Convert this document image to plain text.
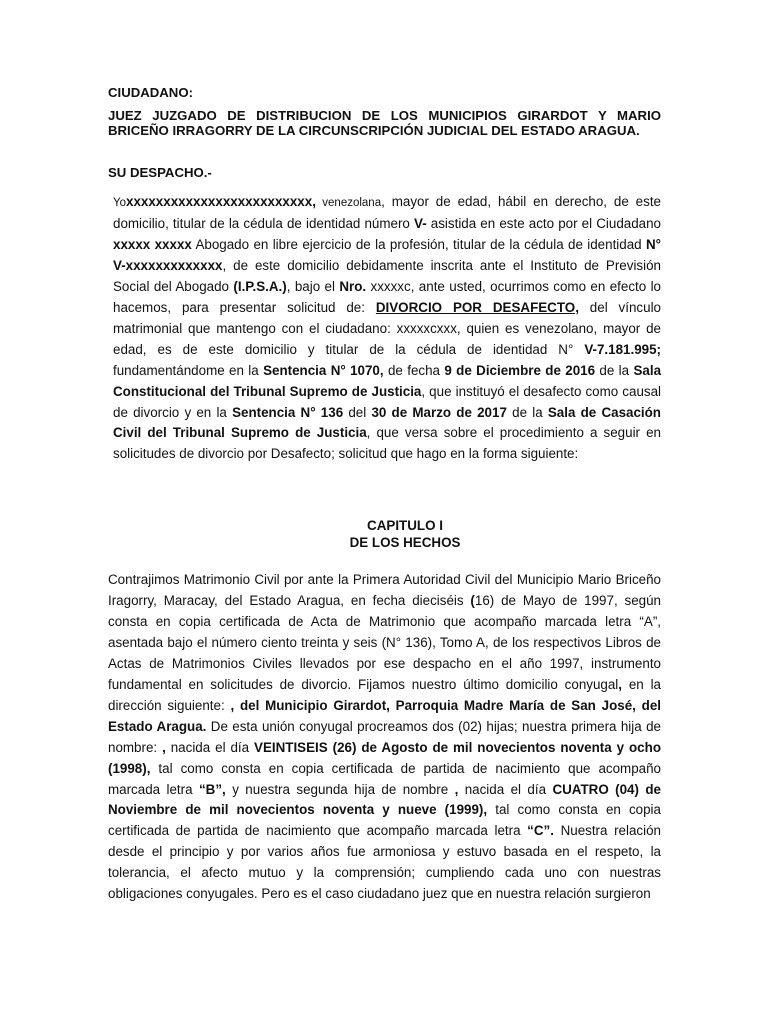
CIUDADANO:

JUEZ JUZGADO DE DISTRIBUCION DE LOS MUNICIPIOS GIRARDOT Y MARIO BRICEÑO IRRAGORRY DE LA CIRCUNSCRIPCIÓN JUDICIAL DEL ESTADO ARAGUA.

SU DESPACHO.-

Yoxxxxxxxxxxxxxxxxxxxxxxxxx, venezolana, mayor de edad, hábil en derecho, de este domicilio, titular de la cédula de identidad número V- asistida en este acto por el Ciudadano xxxxx xxxxx Abogado en libre ejercicio de la profesión, titular de la cédula de identidad N° V-xxxxxxxxxxxxx, de este domicilio debidamente inscrita ante el Instituto de Previsión Social del Abogado (I.P.S.A.), bajo el Nro. xxxxxc, ante usted, ocurrimos como en efecto lo hacemos, para presentar solicitud de: DIVORCIO POR DESAFECTO, del vínculo matrimonial que mantengo con el ciudadano: xxxxxcxxx, quien es venezolano, mayor de edad, es de este domicilio y titular de la cédula de identidad N° V-7.181.995; fundamentándome en la Sentencia N° 1070, de fecha 9 de Diciembre de 2016 de la Sala Constitucional del Tribunal Supremo de Justicia, que instituyó el desafecto como causal de divorcio y en la Sentencia N° 136 del 30 de Marzo de 2017 de la Sala de Casación Civil del Tribunal Supremo de Justicia, que versa sobre el procedimiento a seguir en solicitudes de divorcio por Desafecto; solicitud que hago en la forma siguiente:

CAPITULO I

DE LOS HECHOS

Contrajimos Matrimonio Civil por ante la Primera Autoridad Civil del Municipio Mario Briceño Iragorry, Maracay, del Estado Aragua, en fecha dieciséis (16) de Mayo de 1997, según consta en copia certificada de Acta de Matrimonio que acompaño marcada letra “A”, asentada bajo el número ciento treinta y seis (N° 136), Tomo A, de los respectivos Libros de Actas de Matrimonios Civiles llevados por ese despacho en el año 1997, instrumento fundamental en solicitudes de divorcio. Fijamos nuestro último domicilio conyugal, en la dirección siguiente: , del Municipio Girardot, Parroquia Madre María de San José, del Estado Aragua. De esta unión conyugal procreamos dos (02) hijas; nuestra primera hija de nombre: , nacida el día VEINTISEIS (26) de Agosto de mil novecientos noventa y ocho (1998), tal como consta en copia certificada de partida de nacimiento que acompaño marcada letra “B”, y nuestra segunda hija de nombre , nacida el día CUATRO (04) de Noviembre de mil novecientos noventa y nueve (1999), tal como consta en copia certificada de partida de nacimiento que acompaño marcada letra “C”. Nuestra relación desde el principio y por varios años fue armoniosa y estuvo basada en el respeto, la tolerancia, el afecto mutuo y la comprensión; cumpliendo cada uno con nuestras obligaciones conyugales. Pero es el caso ciudadano juez que en nuestra relación surgieron
